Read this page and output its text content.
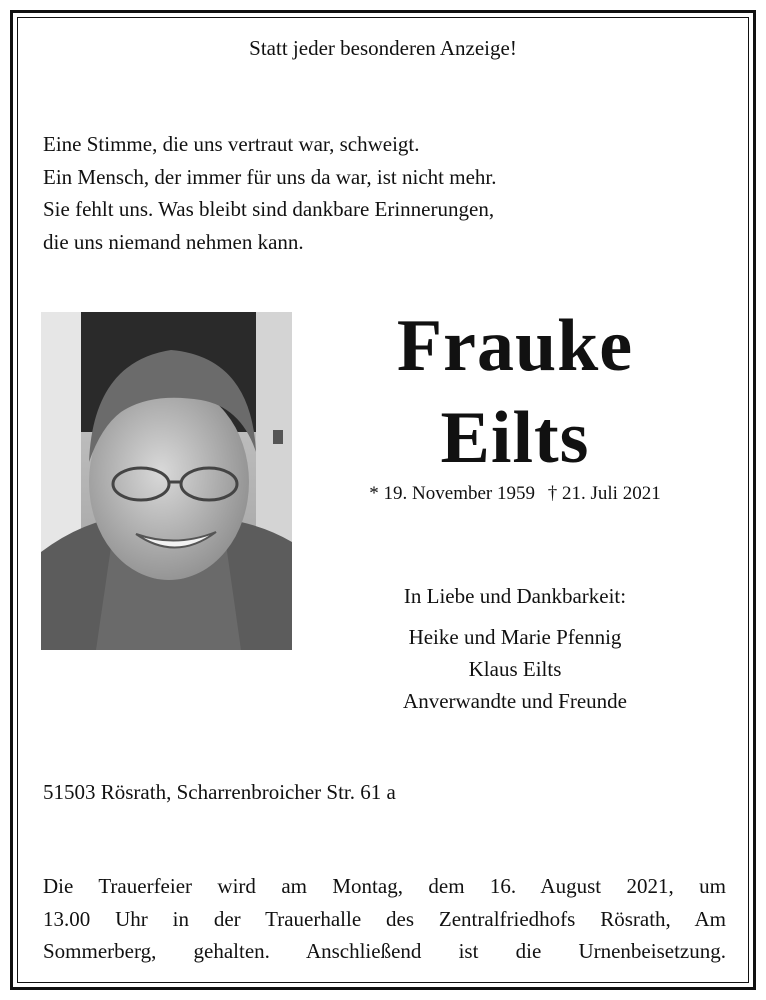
Statt jeder besonderen Anzeige!
Eine Stimme, die uns vertraut war, schweigt.
Ein Mensch, der immer für uns da war, ist nicht mehr.
Sie fehlt uns. Was bleibt sind dankbare Erinnerungen,
die uns niemand nehmen kann.
Frauke
Eilts
* 19. November 1959 † 21. Juli 2021
In Liebe und Dankbarkeit:
Heike und Marie Pfennig
Klaus Eilts
Anverwandte und Freunde
51503 Rösrath, Scharrenbroicher Str. 61 a
Die Trauerfeier wird am Montag, dem 16. August 2021, um
13.00 Uhr in der Trauerhalle des Zentralfriedhofs Rösrath, Am
Sommerberg, gehalten. Anschließend ist die Urnenbeisetzung.
